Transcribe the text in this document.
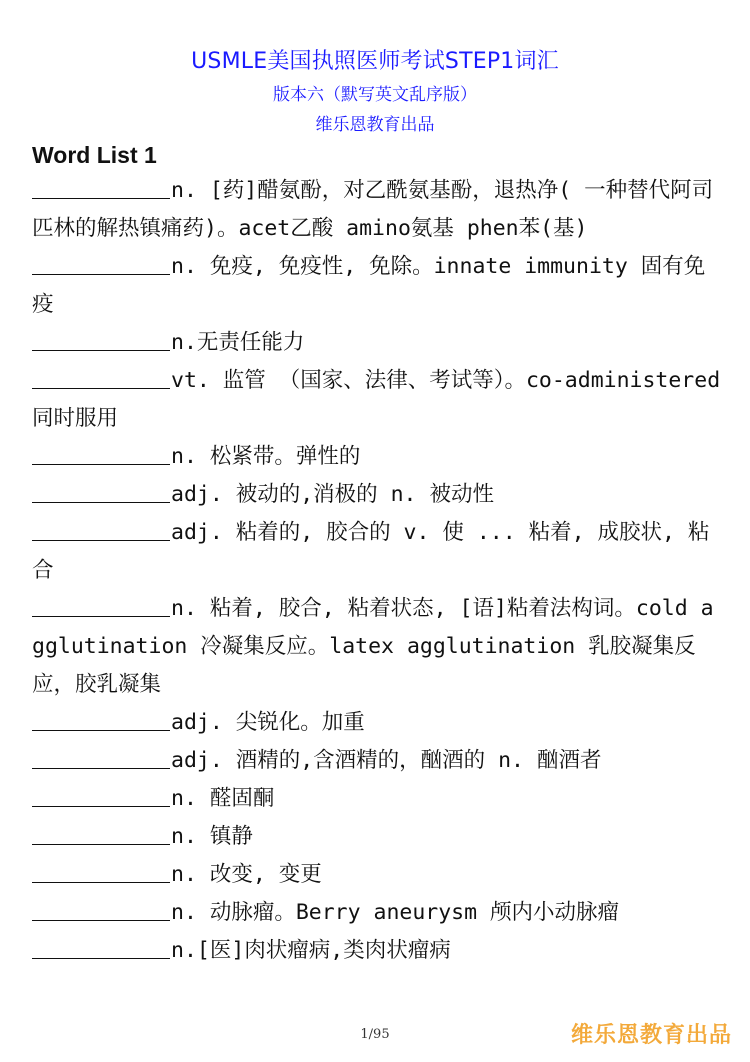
USMLE美国执照医师考试STEP1词汇
版本六（默写英文乱序版）
维乐恩教育出品
Word List 1
n. [药]醋氨酚，对乙酰氨基酚，退热净( 一种替代阿司匹林的解热镇痛药)。acet乙酸 amino氨基 phen苯(基)
n. 免疫, 免疫性, 免除。innate immunity 固有免疫
n.无责任能力
vt. 监管 （国家、法律、考试等）。co-administered 同时服用
n. 松紧带。弹性的
adj. 被动的,消极的 n. 被动性
adj. 粘着的, 胶合的 v. 使 ... 粘着, 成胶状, 粘合
n. 粘着, 胶合, 粘着状态, [语]粘着法构词。cold agglutination 冷凝集反应。latex agglutination 乳胶凝集反应，胶乳凝集
adj. 尖锐化。加重
adj. 酒精的,含酒精的，酗酒的 n. 酗酒者
n. 醛固酮
n. 镇静
n. 改变, 变更
n. 动脉瘤。Berry aneurysm 颅内小动脉瘤
n.[医]肉状瘤病,类肉状瘤病
1/95	维乐恩教育出品
